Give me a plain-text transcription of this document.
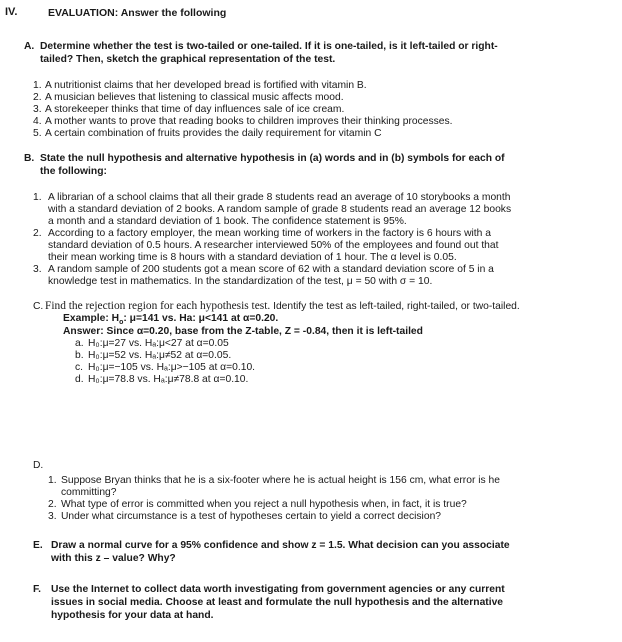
IV.	EVALUATION: Answer the following
A. Determine whether the test is two-tailed or one-tailed. If it is one-tailed, is it left-tailed or right-
tailed? Then, sketch the graphical representation of the test.
1. A nutritionist claims that her developed bread is fortified with vitamin B.
2. A musician believes that listening to classical music affects mood.
3. A storekeeper thinks that time of day influences sale of ice cream.
4. A mother wants to prove that reading books to children improves their thinking processes.
5. A certain combination of fruits provides the daily requirement for vitamin C
B. State the null hypothesis and alternative hypothesis in (a) words and in (b) symbols for each of
the following:
1. A librarian of a school claims that all their grade 8 students read an average of 10 storybooks a month
with a standard deviation of 2 books. A random sample of grade 8 students read an average 12 books
a month and a standard deviation of 1 book. The confidence statement is 95%.
2. According to a factory employer, the mean working time of workers in the factory is 6 hours with a
standard deviation of 0.5 hours. A researcher interviewed 50% of the employees and found out that
their mean working time is 8 hours with a standard deviation of 1 hour. The α level is 0.05.
3. A random sample of 200 students got a mean score of 62 with a standard deviation score of 5 in a
knowledge test in mathematics. In the standardization of the test, μ = 50 with σ = 10.
C. Find the rejection region for each hypothesis test. Identify the test as left-tailed, right-tailed, or two-tailed.
Example: $H_o$: μ=141 vs. Ha: μ<141 at α=0.20.
Answer: Since α=0.20, base from the Z-table, Z = -0.84, then it is left-tailed
a. H₀:μ=27 vs. Hₐ:μ<27 at α=0.05
b. H₀:μ=52 vs. Hₐ:μ≠52 at α=0.05.
c. H₀:μ=−105 vs. Hₐ:μ>−105 at α=0.10.
d. H₀:μ=78.8 vs. Hₐ:μ≠78.8 at α=0.10.
D.
1. Suppose Bryan thinks that he is a six-footer where he is actual height is 156 cm, what error is he
committing?
2. What type of error is committed when you reject a null hypothesis when, in fact, it is true?
3. Under what circumstance is a test of hypotheses certain to yield a correct decision?
E. Draw a normal curve for a 95% confidence and show z = 1.5. What decision can you associate
with this z – value? Why?
F. Use the Internet to collect data worth investigating from government agencies or any current
issues in social media. Choose at least and formulate the null hypothesis and the alternative
hypothesis for your data at hand.
